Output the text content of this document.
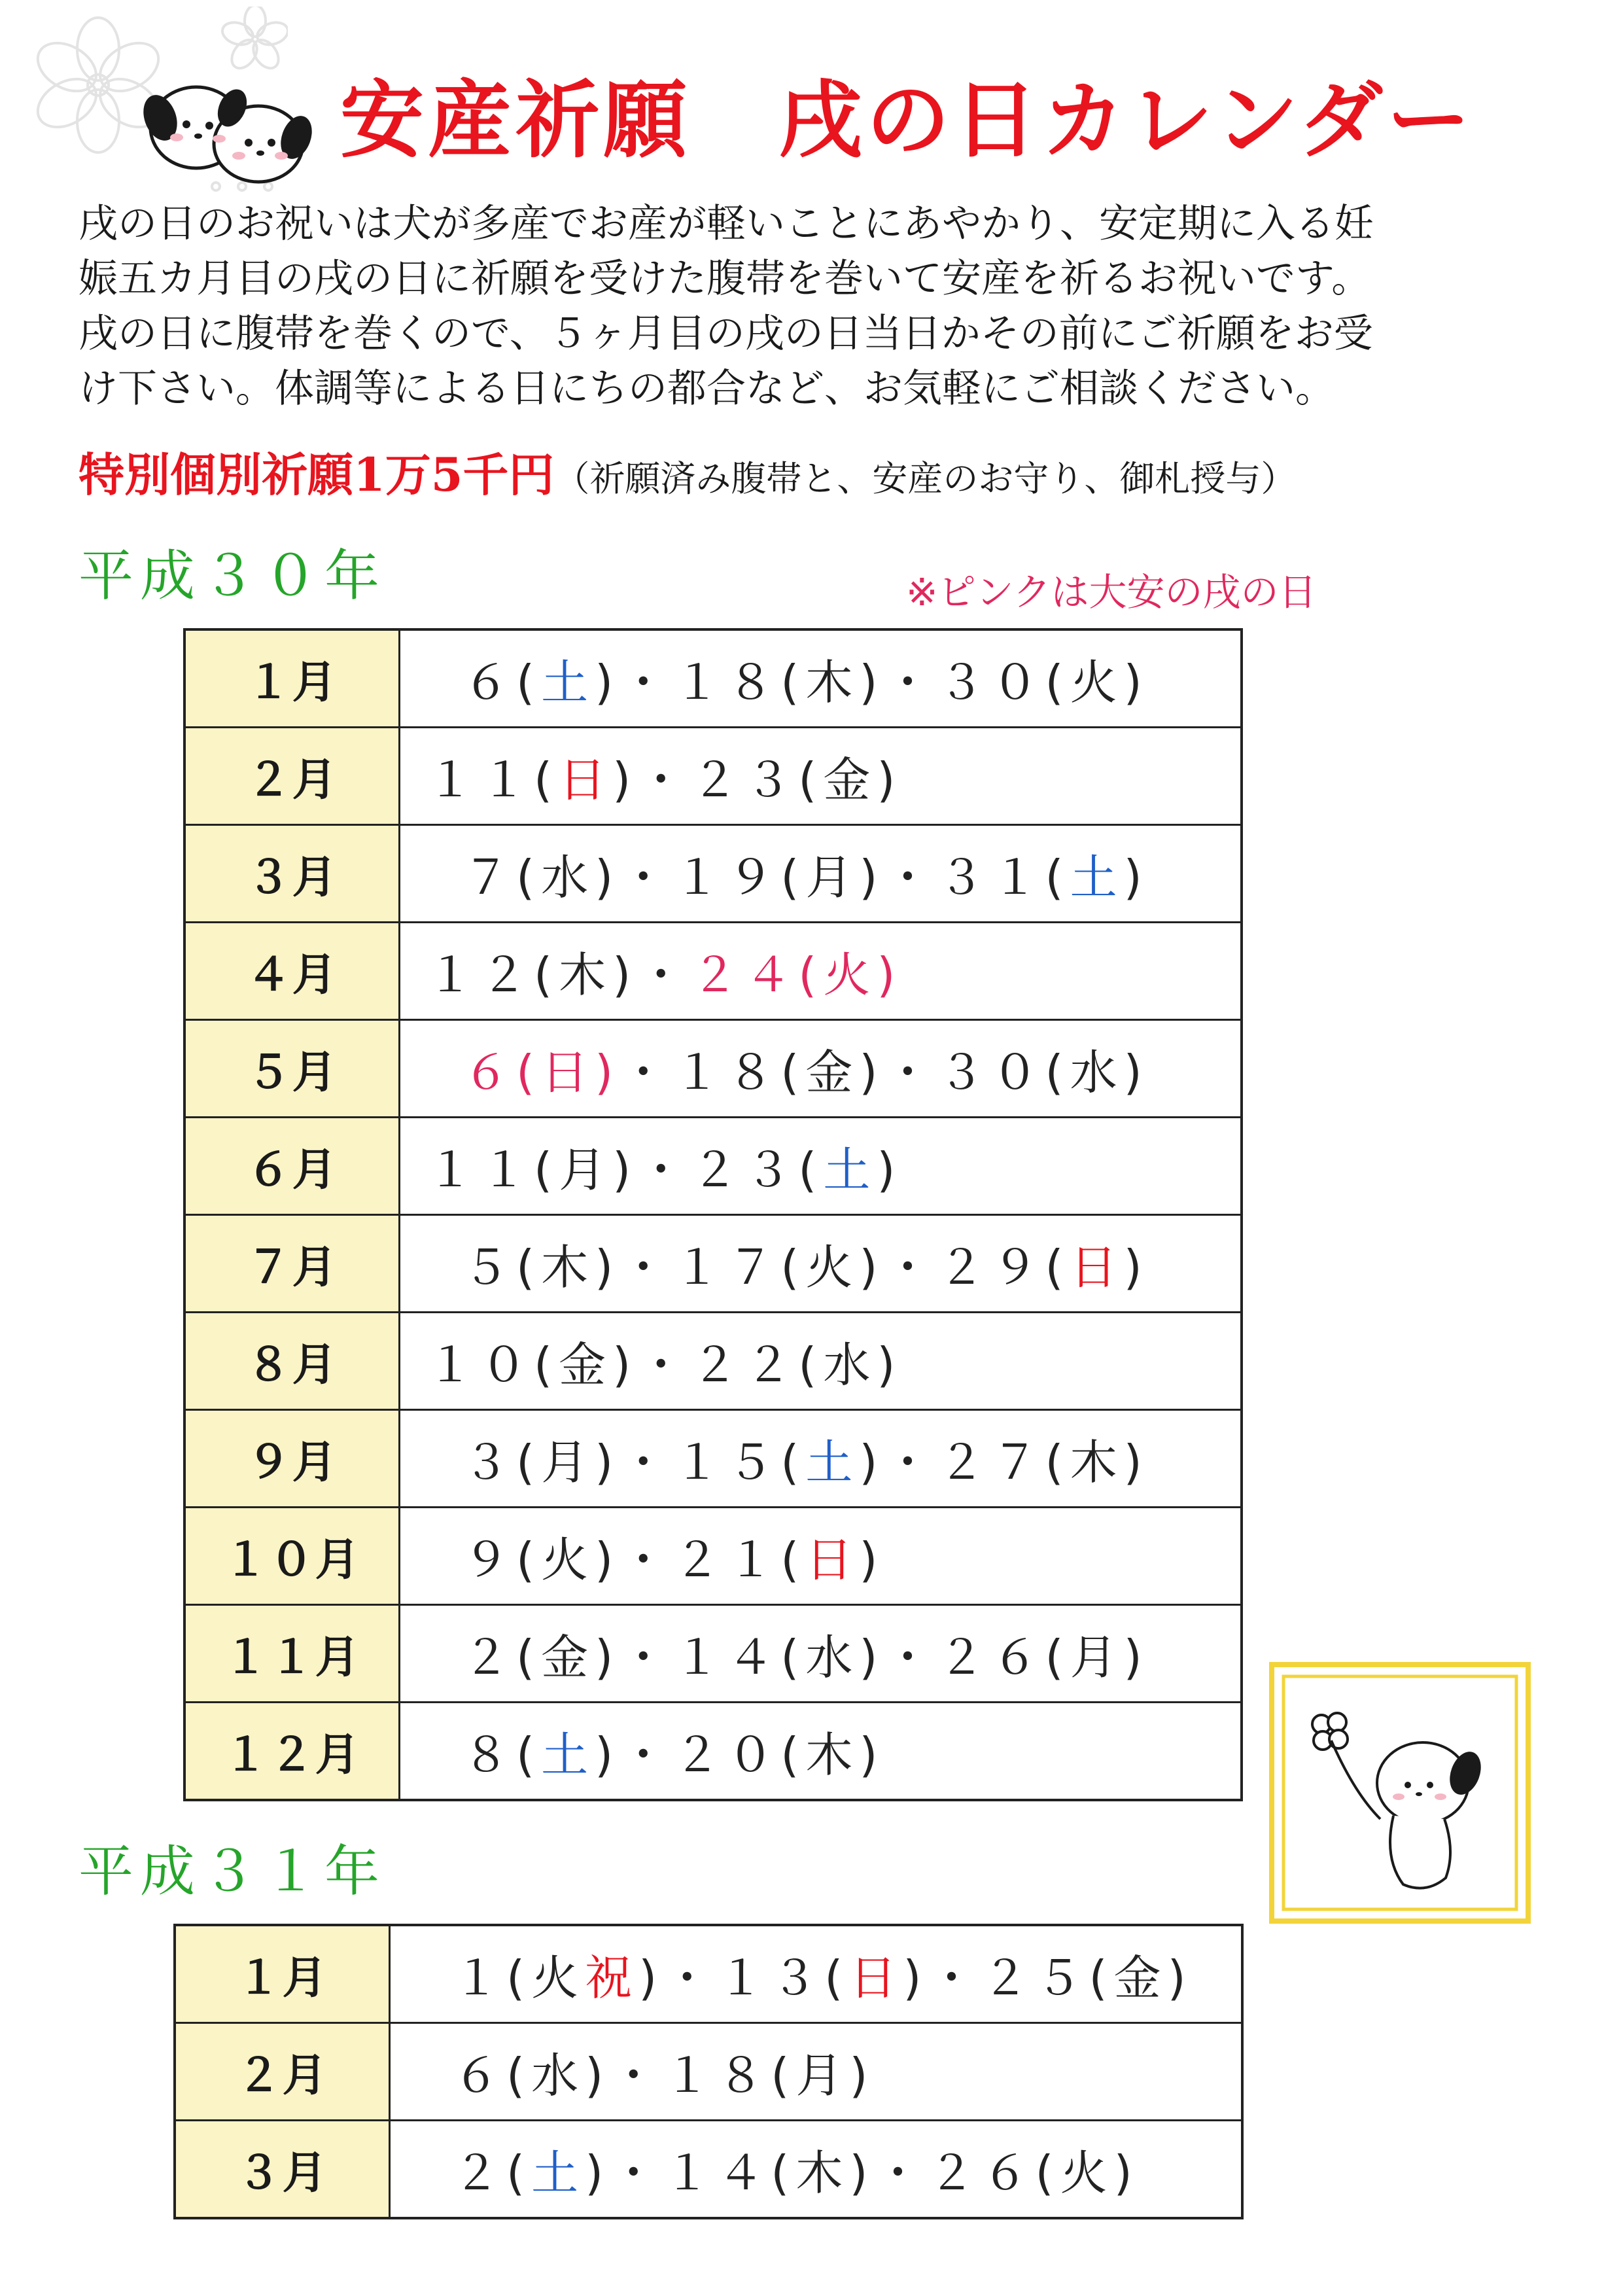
安産祈願　戌の日カレンダー
戌の日のお祝いは犬が多産でお産が軽いことにあやかり、安定期に入る妊
娠五カ月目の戌の日に祈願を受けた腹帯を巻いて安産を祈るお祝いです。
戌の日に腹帯を巻くので、５ヶ月目の戌の日当日かその前にご祈願をお受
け下さい。体調等による日にちの都合など、お気軽にご相談ください。
特別個別祈願1万5千円（祈願済み腹帯と、安産のお守り、御札授与）
平成３０年	※ピンクは大安の戌の日
１月	６(土)・１８(木)・３０(火)
２月	１１(日)・２３(金)
３月	７(水)・１９(月)・３１(土)
４月	１２(木)・２４(火)
５月	６(日)・１８(金)・３０(水)
６月	１１(月)・２３(土)
７月	５(木)・１７(火)・２９(日)
８月	１０(金)・２２(水)
９月	３(月)・１５(土)・２７(木)
１０月	９(火)・２１(日)
１１月	２(金)・１４(水)・２６(月)
１２月	８(土)・２０(木)
平成３１年
１月	１(火祝)・１３(日)・２５(金)
２月	６(水)・１８(月)
３月	２(土)・１４(木)・２６(火)
